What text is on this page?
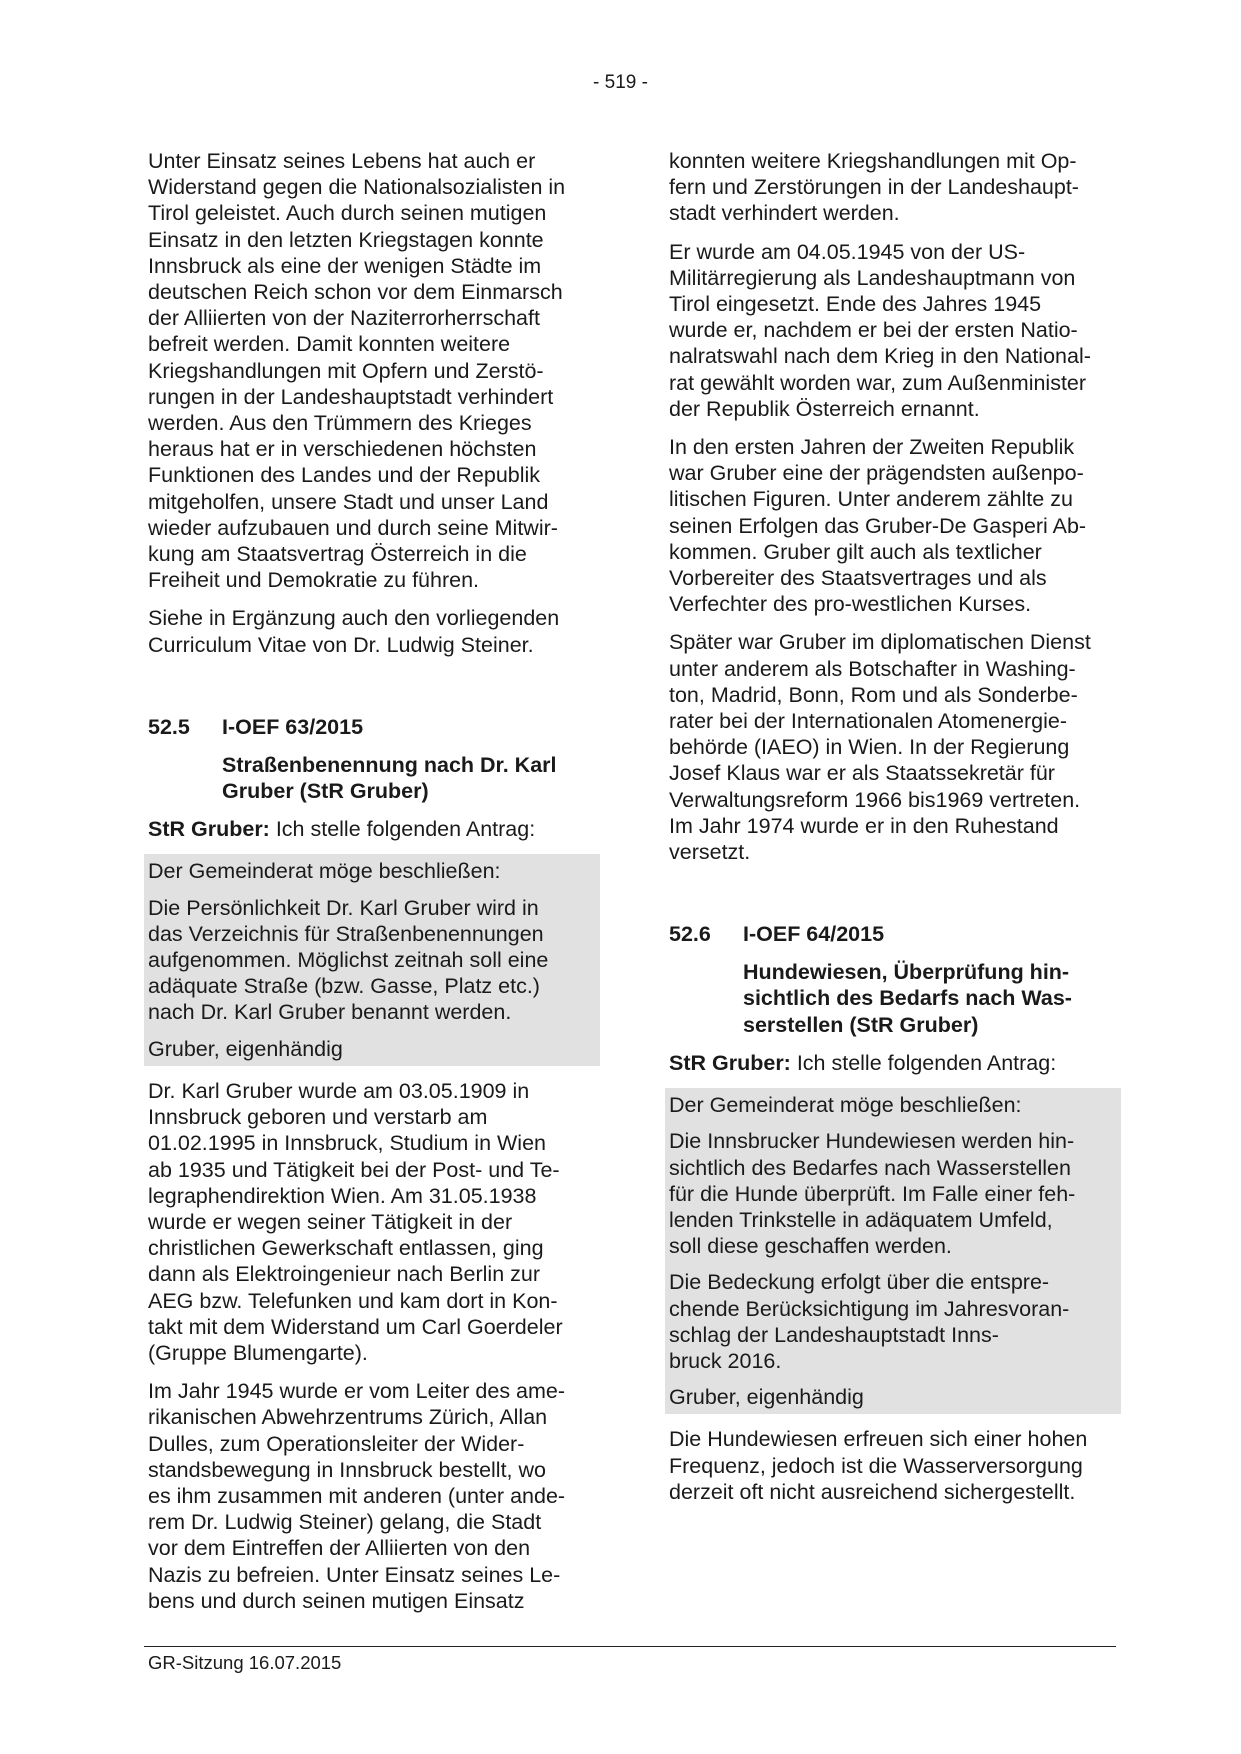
- 519 -

Unter Einsatz seines Lebens hat auch er
Widerstand gegen die Nationalsozialisten in
Tirol geleistet. Auch durch seinen mutigen
Einsatz in den letzten Kriegstagen konnte
Innsbruck als eine der wenigen Städte im
deutschen Reich schon vor dem Einmarsch
der Alliierten von der Naziterrorherrschaft
befreit werden. Damit konnten weitere
Kriegshandlungen mit Opfern und Zerstö-
rungen in der Landeshauptstadt verhindert
werden. Aus den Trümmern des Krieges
heraus hat er in verschiedenen höchsten
Funktionen des Landes und der Republik
mitgeholfen, unsere Stadt und unser Land
wieder aufzubauen und durch seine Mitwir-
kung am Staatsvertrag Österreich in die
Freiheit und Demokratie zu führen.

Siehe in Ergänzung auch den vorliegenden
Curriculum Vitae von Dr. Ludwig Steiner.

52.5	I-OEF 63/2015

Straßenbenennung nach Dr. Karl
Gruber (StR Gruber)

StR Gruber: Ich stelle folgenden Antrag:

Der Gemeinderat möge beschließen:

Die Persönlichkeit Dr. Karl Gruber wird in
das Verzeichnis für Straßenbenennungen
aufgenommen. Möglichst zeitnah soll eine
adäquate Straße (bzw. Gasse, Platz etc.)
nach Dr. Karl Gruber benannt werden.

Gruber, eigenhändig

Dr. Karl Gruber wurde am 03.05.1909 in
Innsbruck geboren und verstarb am
01.02.1995 in Innsbruck, Studium in Wien
ab 1935 und Tätigkeit bei der Post- und Te-
legraphendirektion Wien. Am 31.05.1938
wurde er wegen seiner Tätigkeit in der
christlichen Gewerkschaft entlassen, ging
dann als Elektroingenieur nach Berlin zur
AEG bzw. Telefunken und kam dort in Kon-
takt mit dem Widerstand um Carl Goerdeler
(Gruppe Blumengarte).

Im Jahr 1945 wurde er vom Leiter des ame-
rikanischen Abwehrzentrums Zürich, Allan
Dulles, zum Operationsleiter der Wider-
standsbewegung in Innsbruck bestellt, wo
es ihm zusammen mit anderen (unter ande-
rem Dr. Ludwig Steiner) gelang, die Stadt
vor dem Eintreffen der Alliierten von den
Nazis zu befreien. Unter Einsatz seines Le-
bens und durch seinen mutigen Einsatz

konnten weitere Kriegshandlungen mit Op-
fern und Zerstörungen in der Landeshaupt-
stadt verhindert werden.

Er wurde am 04.05.1945 von der US-
Militärregierung als Landeshauptmann von
Tirol eingesetzt. Ende des Jahres 1945
wurde er, nachdem er bei der ersten Natio-
nalratswahl nach dem Krieg in den National-
rat gewählt worden war, zum Außenminister
der Republik Österreich ernannt.

In den ersten Jahren der Zweiten Republik
war Gruber eine der prägendsten außenpo-
litischen Figuren. Unter anderem zählte zu
seinen Erfolgen das Gruber-De Gasperi Ab-
kommen. Gruber gilt auch als textlicher
Vorbereiter des Staatsvertrages und als
Verfechter des pro-westlichen Kurses.

Später war Gruber im diplomatischen Dienst
unter anderem als Botschafter in Washing-
ton, Madrid, Bonn, Rom und als Sonderbe-
rater bei der Internationalen Atomenergie-
behörde (IAEO) in Wien. In der Regierung
Josef Klaus war er als Staatssekretär für
Verwaltungsreform 1966 bis1969 vertreten.
Im Jahr 1974 wurde er in den Ruhestand
versetzt.

52.6	I-OEF 64/2015

Hundewiesen, Überprüfung hin-
sichtlich des Bedarfs nach Was-
serstellen (StR Gruber)

StR Gruber: Ich stelle folgenden Antrag:

Der Gemeinderat möge beschließen:

Die Innsbrucker Hundewiesen werden hin-
sichtlich des Bedarfes nach Wasserstellen
für die Hunde überprüft. Im Falle einer feh-
lenden Trinkstelle in adäquatem Umfeld,
soll diese geschaffen werden.

Die Bedeckung erfolgt über die entspre-
chende Berücksichtigung im Jahresvoran-
schlag der Landeshauptstadt Inns-
bruck 2016.

Gruber, eigenhändig

Die Hundewiesen erfreuen sich einer hohen
Frequenz, jedoch ist die Wasserversorgung
derzeit oft nicht ausreichend sichergestellt.

GR-Sitzung 16.07.2015
